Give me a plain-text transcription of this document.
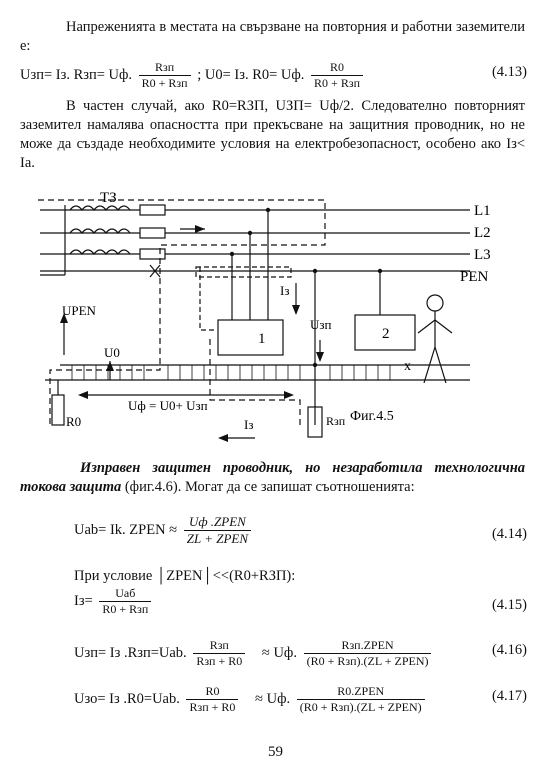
Напреженията в местата на свързване на повторния и работни заземители е:
Uзп= Iз. Rзп= Uф. $\frac{\text{Rзп}}{\text{R0 + Rзп}}$ ; U0= Iз. R0= Uф. $\frac{R0}{\text{R0 + Rзп}}$	(4.13)
В частен случай, ако R0=RЗП, UЗП= Uф/2. Следователно повторният заземител намалява опасността при прекъсване на защитния проводник, но не може да създаде необходимите условия на електробезопасност, особено ако Iз< Ia.
ТЗ
L1
L2
L3
PEN
UPEN
Iз
Uзп
U0
1	2
x
Uф = U0+ Uзп
Iз
R0	Rзп Фиг.4.5
Изправен защитен проводник, но незаработила технологична токова защита (фиг.4.6). Могат да се запишат съотношенията:
Uab= Ik. ZPEN ≈ $\frac{\text{Uф .ZPEN}}{\text{ZL + ZPEN}}$	(4.14)
При условие │ZPEN│<<(R0+RЗП):
$Iз= \frac{\text{Uаб}}{\text{R0 + Rзп}}$	(4.15)
Uзп= Iз .Rзп=Uab. $\frac{\text{Rзп}}{\text{Rзп + R0}}$ ≈ Uф. $\frac{\text{Rзп.ZPEN}}{\text{(R0 + Rзп).(ZL + ZPEN)}}$	(4.16)
Uзо= Iз .R0=Uab. $\frac{R0}{\text{Rзп + R0}}$ ≈ Uф. $\frac{\text{R0.ZPEN}}{\text{(R0 + Rзп).(ZL + ZPEN)}}$	(4.17)
59
